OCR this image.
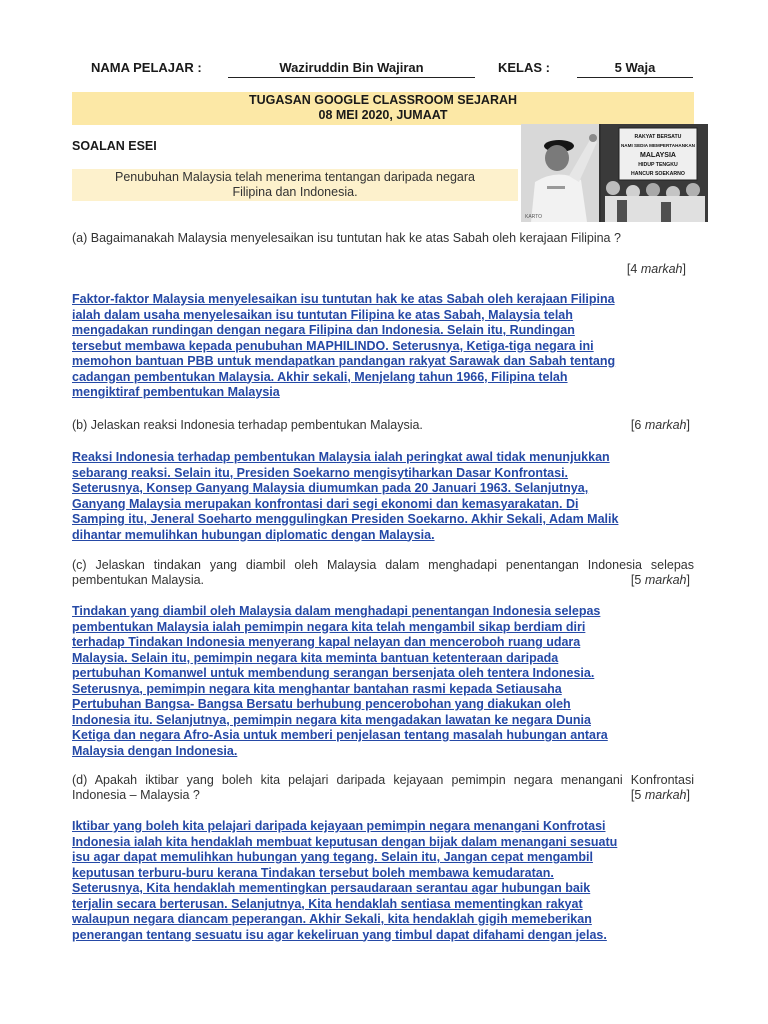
NAMA PELAJAR :	Waziruddin Bin Wajiran	KELAS :	5 Waja
TUGASAN GOOGLE CLASSROOM SEJARAH
08 MEI 2020, JUMAAT
SOALAN ESEI
Penubuhan Malaysia telah menerima tentangan daripada negara
Filipina dan Indonesia.
KARTO
RAKYAT BERSATU
NAMI SEDIA MEMPERTAHANKAN
MALAYSIA
HIDUP TENGKU
HANCUR SOEKARNO
(a) Bagaimanakah Malaysia menyelesaikan isu tuntutan hak ke atas Sabah oleh kerajaan Filipina ?
[4 markah]
Faktor-faktor Malaysia menyelesaikan isu tuntutan hak ke atas Sabah oleh kerajaan Filipina
ialah dalam usaha menyelesaikan isu tuntutan Filipina ke atas Sabah, Malaysia telah
mengadakan rundingan dengan negara Filipina dan Indonesia. Selain itu, Rundingan
tersebut membawa kepada penubuhan MAPHILINDO. Seterusnya, Ketiga-tiga negara ini
memohon bantuan PBB untuk mendapatkan pandangan rakyat Sarawak dan Sabah tentang
cadangan pembentukan Malaysia. Akhir sekali, Menjelang tahun 1966, Filipina telah
mengiktiraf pembentukan Malaysia
(b) Jelaskan reaksi Indonesia terhadap pembentukan Malaysia.	[6 markah]
Reaksi Indonesia terhadap pembentukan Malaysia ialah peringkat awal tidak menunjukkan
sebarang reaksi. Selain itu, Presiden Soekarno mengisytiharkan Dasar Konfrontasi.
Seterusnya, Konsep Ganyang Malaysia diumumkan pada 20 Januari 1963. Selanjutnya,
Ganyang Malaysia merupakan konfrontasi dari segi ekonomi dan kemasyarakatan. Di
Samping itu, Jeneral Soeharto menggulingkan Presiden Soekarno. Akhir Sekali, Adam Malik
dihantar memulihkan hubungan diplomatic dengan Malaysia.
(c) Jelaskan tindakan yang diambil oleh Malaysia dalam menghadapi penentangan Indonesia selepas pembentukan Malaysia.	[5 markah]
Tindakan yang diambil oleh Malaysia dalam menghadapi penentangan Indonesia selepas
pembentukan Malaysia ialah pemimpin negara kita telah mengambil sikap berdiam diri
terhadap Tindakan Indonesia menyerang kapal nelayan dan menceroboh ruang udara
Malaysia. Selain itu, pemimpin negara kita meminta bantuan ketenteraan daripada
pertubuhan Komanwel untuk membendung serangan bersenjata oleh tentera Indonesia.
Seterusnya, pemimpin negara kita menghantar bantahan rasmi kepada Setiausaha
Pertubuhan Bangsa- Bangsa Bersatu berhubung pencerobohan yang diakukan oleh
Indonesia itu. Selanjutnya, pemimpin negara kita mengadakan lawatan ke negara Dunia
Ketiga dan negara Afro-Asia untuk memberi penjelasan tentang masalah hubungan antara
Malaysia dengan Indonesia.
(d) Apakah iktibar yang boleh kita pelajari daripada kejayaan pemimpin negara menangani Konfrontasi Indonesia – Malaysia ?	[5 markah]
Iktibar yang boleh kita pelajari daripada kejayaan pemimpin negara menangani Konfrotasi
Indonesia ialah kita hendaklah membuat keputusan dengan bijak dalam menangani sesuatu
isu agar dapat memulihkan hubungan yang tegang. Selain itu, Jangan cepat mengambil
keputusan terburu-buru kerana Tindakan tersebut boleh membawa kemudaratan.
Seterusnya, Kita hendaklah mementingkan persaudaraan serantau agar hubungan baik
terjalin secara berterusan. Selanjutnya, Kita hendaklah sentiasa mementingkan rakyat
walaupun negara diancam peperangan. Akhir Sekali, kita hendaklah gigih memeberikan
penerangan tentang sesuatu isu agar kekeliruan yang timbul dapat difahami dengan jelas.
